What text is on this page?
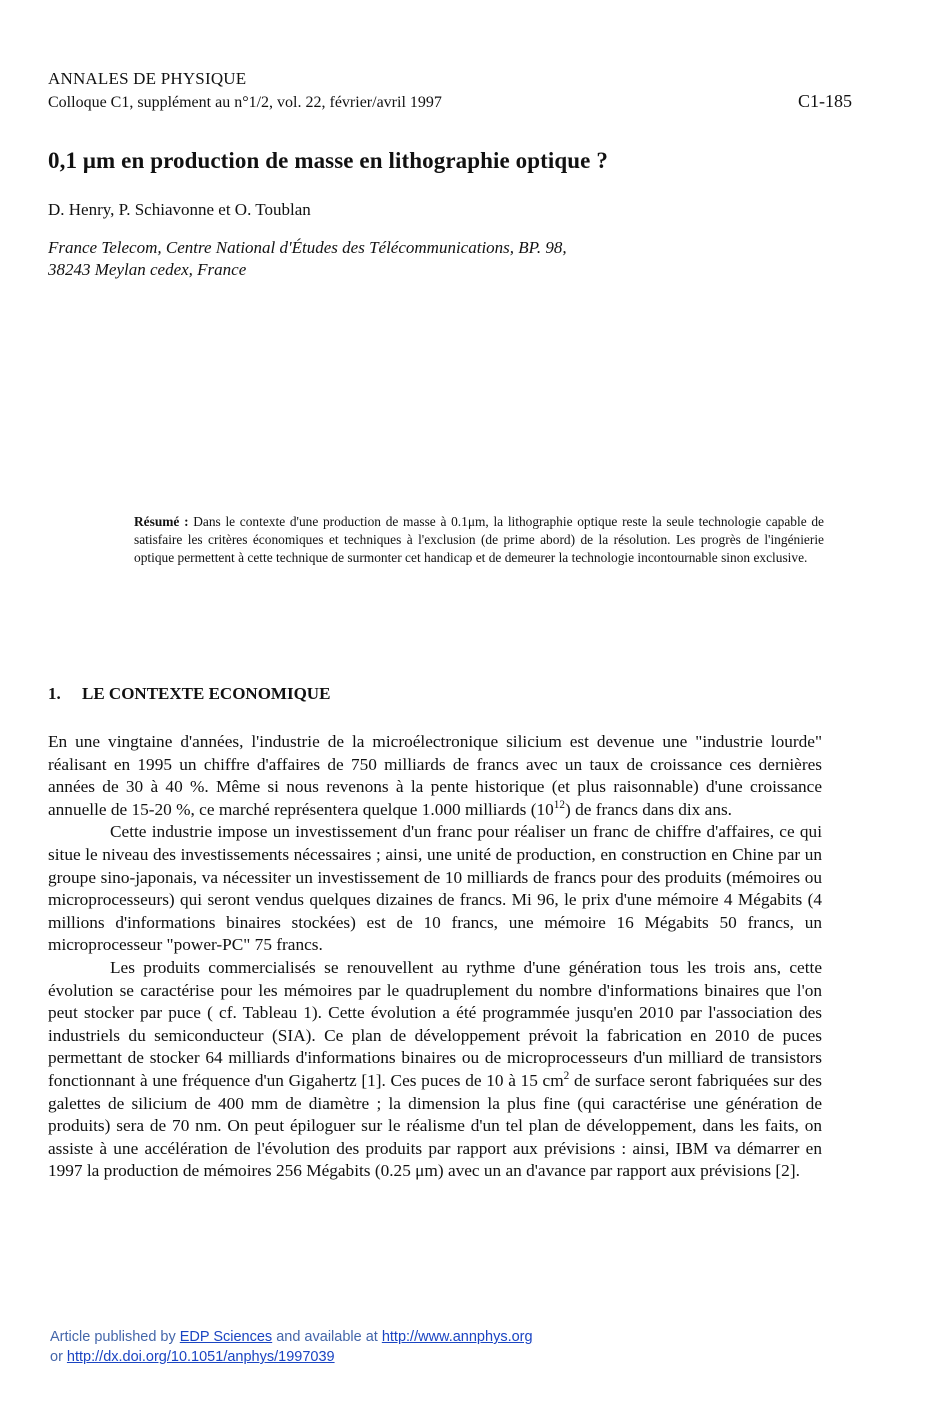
ANNALES DE PHYSIQUE
Colloque C1, supplément au n°1/2, vol. 22, février/avril 1997	C1-185
0,1 μm en production de masse en lithographie optique ?
D. Henry, P. Schiavonne et O. Toublan
France Telecom, Centre National d'Études des Télécommunications, BP. 98,
38243 Meylan cedex, France
Résumé : Dans le contexte d'une production de masse à 0.1μm, la lithographie optique reste la seule technologie capable de satisfaire les critères économiques et techniques à l'exclusion (de prime abord) de la résolution. Les progrès de l'ingénierie optique permettent à cette technique de surmonter cet handicap et de demeurer la technologie incontournable sinon exclusive.
1. LE CONTEXTE ECONOMIQUE

En une vingtaine d'années, l'industrie de la microélectronique silicium est devenue une "industrie lourde" réalisant en 1995 un chiffre d'affaires de 750 milliards de francs avec un taux de croissance ces dernières années de 30 à 40 %. Même si nous revenons à la pente historique (et plus raisonnable) d'une croissance annuelle de 15-20 %, ce marché représentera quelque 1.000 milliards $(10^{12})$ de francs dans dix ans.

Cette industrie impose un investissement d'un franc pour réaliser un franc de chiffre d'affaires, ce qui situe le niveau des investissements nécessaires ; ainsi, une unité de production, en construction en Chine par un groupe sino-japonais, va nécessiter un investissement de 10 milliards de francs pour des produits (mémoires ou microprocesseurs) qui seront vendus quelques dizaines de francs. Mi 96, le prix d'une mémoire 4 Mégabits (4 millions d'informations binaires stockées) est de 10 francs, une mémoire 16 Mégabits 50 francs, un microprocesseur "power-PC" 75 francs.

Les produits commercialisés se renouvellent au rythme d'une génération tous les trois ans, cette évolution se caractérise pour les mémoires par le quadruplement du nombre d'informations binaires que l'on peut stocker par puce ( cf. Tableau 1). Cette évolution a été programmée jusqu'en 2010 par l'association des industriels du semiconducteur (SIA). Ce plan de développement prévoit la fabrication en 2010 de puces permettant de stocker 64 milliards d'informations binaires ou de microprocesseurs d'un milliard de transistors fonctionnant à une fréquence d'un Gigahertz [1]. Ces puces de 10 à 15 $cm^2$ de surface seront fabriquées sur des galettes de silicium de 400 mm de diamètre ; la dimension la plus fine (qui caractérise une génération de produits) sera de 70 nm. On peut épiloguer sur le réalisme d'un tel plan de développement, dans les faits, on assiste à une accélération de l'évolution des produits par rapport aux prévisions : ainsi, IBM va démarrer en 1997 la production de mémoires 256 Mégabits (0.25 μm) avec un an d'avance par rapport aux prévisions [2].

Article published by EDP Sciences and available at http://www.annphys.org
or http://dx.doi.org/10.1051/anphys/1997039
